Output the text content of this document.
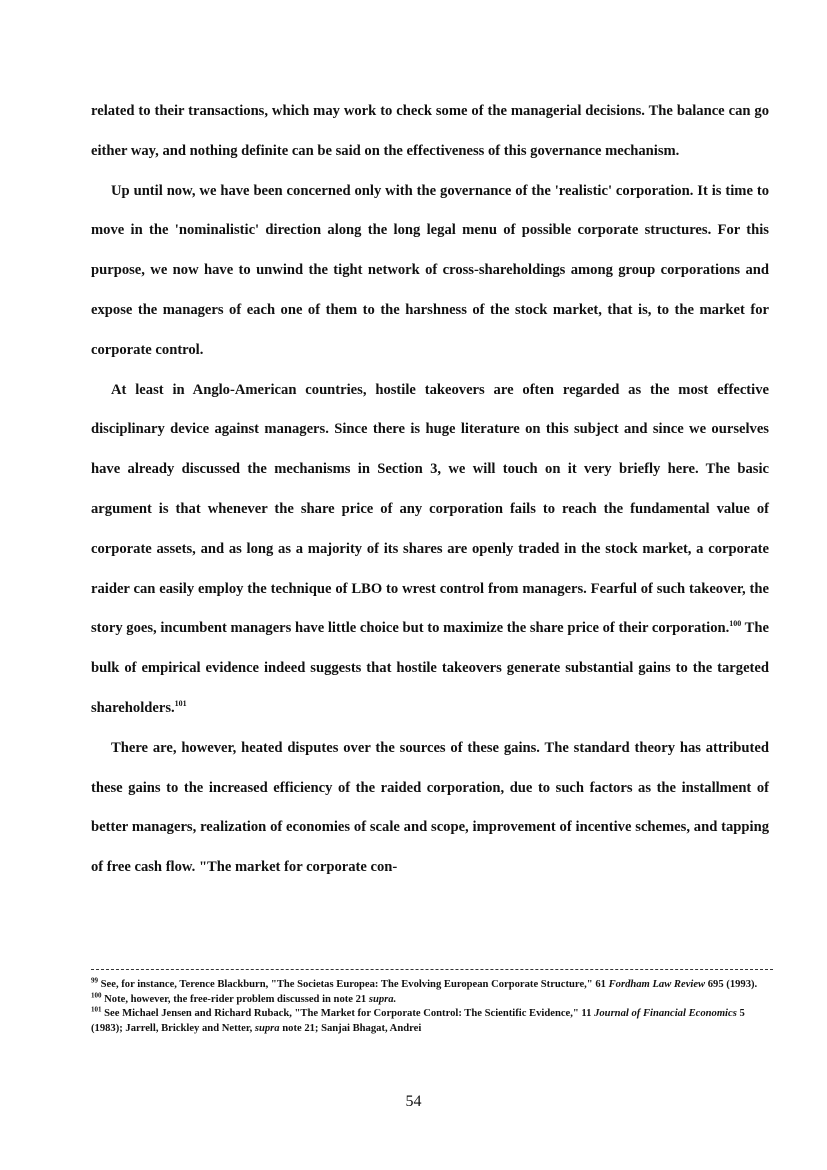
related to their transactions, which may work to check some of the managerial decisions. The balance can go either way, and nothing definite can be said on the effectiveness of this governance mechanism.

Up until now, we have been concerned only with the governance of the 'realistic' corporation. It is time to move in the 'nominalistic' direction along the long legal menu of possible corporate structures. For this purpose, we now have to unwind the tight network of cross-shareholdings among group corporations and expose the managers of each one of them to the harshness of the stock market, that is, to the market for corporate control.

At least in Anglo-American countries, hostile takeovers are often regarded as the most effective disciplinary device against managers. Since there is huge literature on this subject and since we ourselves have already discussed the mechanisms in Section 3, we will touch on it very briefly here. The basic argument is that whenever the share price of any corporation fails to reach the fundamental value of corporate assets, and as long as a majority of its shares are openly traded in the stock market, a corporate raider can easily employ the technique of LBO to wrest control from managers. Fearful of such takeover, the story goes, incumbent managers have little choice but to maximize the share price of their corporation.$^{100}$ The bulk of empirical evidence indeed suggests that hostile takeovers generate substantial gains to the targeted shareholders.$^{101}$

There are, however, heated disputes over the sources of these gains. The standard theory has attributed these gains to the increased efficiency of the raided corporation, due to such factors as the installment of better managers, realization of economies of scale and scope, improvement of incentive schemes, and tapping of free cash flow. "The market for corporate con-

$^{99}$ See, for instance, Terence Blackburn, "The Societas Europea: The Evolving European Corporate Structure," 61 Fordham Law Review 695 (1993).

$^{100}$ Note, however, the free-rider problem discussed in note 21 supra.

$^{101}$ See Michael Jensen and Richard Ruback, "The Market for Corporate Control: The Scientific Evidence," 11 Journal of Financial Economics 5 (1983); Jarrell, Brickley and Netter, supra note 21; Sanjai Bhagat, Andrei

54
